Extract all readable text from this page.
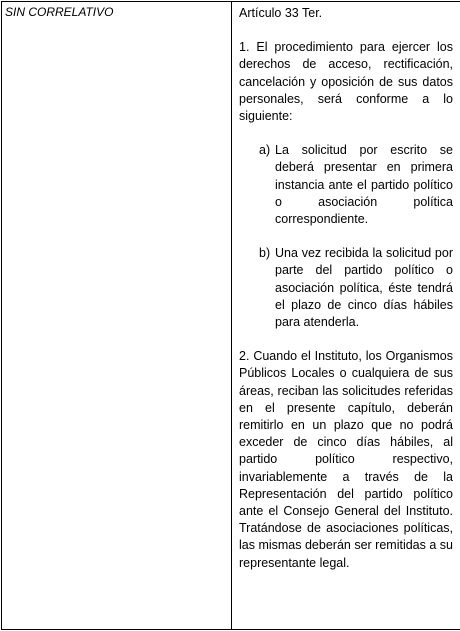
SIN CORRELATIVO	Artículo 33 Ter.
1. El procedimiento para ejercer los derechos de acceso, rectificación, cancelación y oposición de sus datos personales, será conforme a lo siguiente:
a) La solicitud por escrito se deberá presentar en primera instancia ante el partido político o asociación política correspondiente.
b) Una vez recibida la solicitud por parte del partido político o asociación política, éste tendrá el plazo de cinco días hábiles para atenderla.
2. Cuando el Instituto, los Organismos Públicos Locales o cualquiera de sus áreas, reciban las solicitudes referidas en el presente capítulo, deberán remitirlo en un plazo que no podrá exceder de cinco días hábiles, al partido político respectivo, invariablemente a través de la Representación del partido político ante el Consejo General del Instituto. Tratándose de asociaciones políticas, las mismas deberán ser remitidas a su representante legal.
